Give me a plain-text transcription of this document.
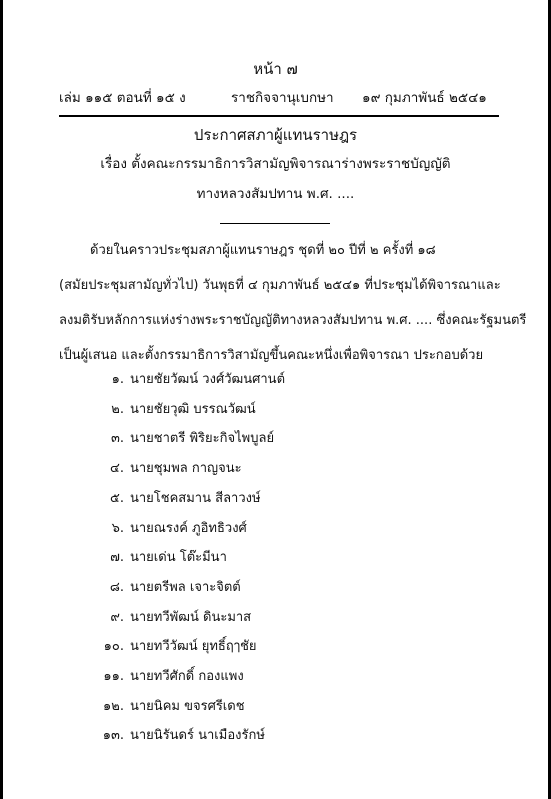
หน้า ๗
เล่ม ๑๑๕ ตอนที่ ๑๕ ง	ราชกิจจานุเบกษา ๑๙ กุมภาพันธ์ ๒๕๔๑
ประกาศสภาผู้แทนราษฎร
เรื่อง ตั้งคณะกรรมาธิการวิสามัญพิจารณาร่างพระราชบัญญัติ
ทางหลวงสัมปทาน พ.ศ. ....
ด้วยในคราวประชุมสภาผู้แทนราษฎร ชุดที่ ๒๐ ปีที่ ๒ ครั้งที่ ๑๘
(สมัยประชุมสามัญทั่วไป) วันพุธที่ ๔ กุมภาพันธ์ ๒๕๔๑ ที่ประชุมได้พิจารณาและ
ลงมติรับหลักการแห่งร่างพระราชบัญญัติทางหลวงสัมปทาน พ.ศ. .... ซึ่งคณะรัฐมนตรี
เป็นผู้เสนอ และตั้งกรรมาธิการวิสามัญขึ้นคณะหนึ่งเพื่อพิจารณา ประกอบด้วย
๑. นายชัยวัฒน์ วงศ์วัฒนศานต์
๒. นายชัยวุฒิ บรรณวัฒน์
๓. นายชาตรี พิริยะกิจไพบูลย์
๔. นายชุมพล กาญจนะ
๕. นายโชคสมาน สีลาวงษ์
๖. นายณรงค์ ภูอิทธิวงศ์
๗. นายเด่น โต๊ะมีนา
๘. นายตรีพล เจาะจิตต์
๙. นายทวีพัฒน์ ดินะมาส
๑๐. นายทวีวัฒน์ ยุทธิ์ฤๅชัย
๑๑. นายทวีศักดิ์ กองแพง
๑๒. นายนิคม ขจรศรีเดช
๑๓. นายนิรันดร์ นาเมืองรักษ์
